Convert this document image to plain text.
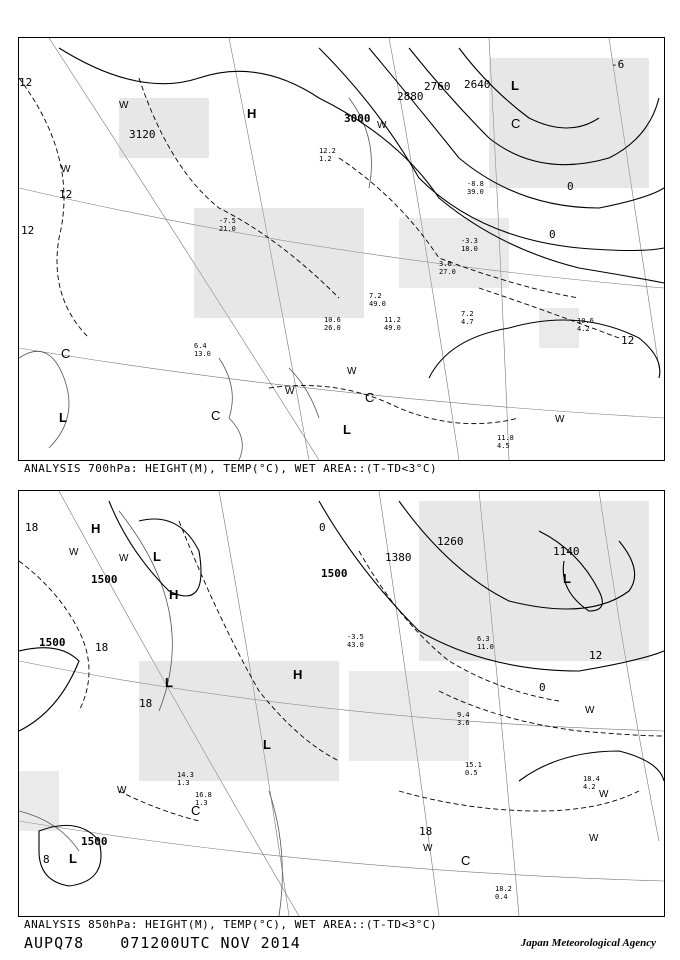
3120
3000
2880
2760 2640
12
12
12
12
0
0
-6
H
L
L
L
C
C
C
C
W
W
W
W
W
W
-7.5
21.0
12.2
1.2
7.2
49.0
11.2
49.0
7.2
4.7	10.6
4.2
11.8
4.5
10.6
26.0
6.4
13.0
3.6
27.0
-3.3
18.0
-8.8
39.0
ANALYSIS 700hPa: HEIGHT(M), TEMP(°C), WET AREA::(T-TD<3°C)
1500
1500
1500
1500
1380
1260
1140
18
18
18
18
12
0
0
8
H
H
H
L
L
L
L
L
C
C
W
W
W
W
W
W
W
18.4
4.2
18.2
0.4
15.1
0.5
16.8
1.3
14.3
1.3
6.3
11.0
-3.5
43.0
9.4
3.6
ANALYSIS 850hPa: HEIGHT(M), TEMP(°C), WET AREA::(T-TD<3°C)
AUPQ78 071200UTC NOV 2014	Japan Meteorological Agency
